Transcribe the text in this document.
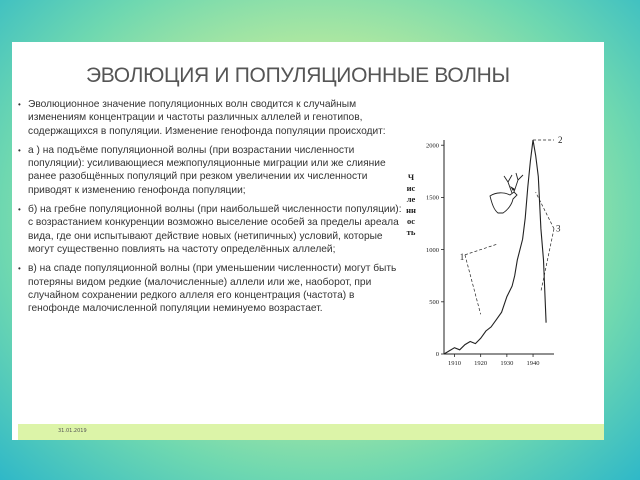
ЭВОЛЮЦИЯ И ПОПУЛЯЦИОННЫЕ ВОЛНЫ
• Эволюционное значение популяционных волн сводится к случайным изменениям концентрации и частоты различных аллелей и генотипов, содержащихся в популяции. Изменение генофонда популяции происходит:
• а ) на подъёме популяционной волны (при возрастании численности популяции): усиливающиеся межпопуляционные миграции или же слияние ранее разобщённых популяций при резком увеличении их численности приводят к изменению генофонда популяции;
• б) на гребне популяционной волны (при наибольшей численности популяции): с возрастанием конкуренции возможно выселение особей за пределы ареала вида, где они испытывают действие новых (нетипичных) условий, которые могут существенно повлиять на частоту определённых аллелей;
• в) на спаде популяционной волны (при уменьшении численности) могут быть потеряны видом редкие (малочисленные) аллели или же, наоборот, при случайном сохранении редкого аллеля его концентрация (частота) в генофонде малочисленной популяции неминуемо возрастает.
31.01.2019
Численность
0
500
1000
1500
2000
1910 1920 1930 1940
1
2
3
